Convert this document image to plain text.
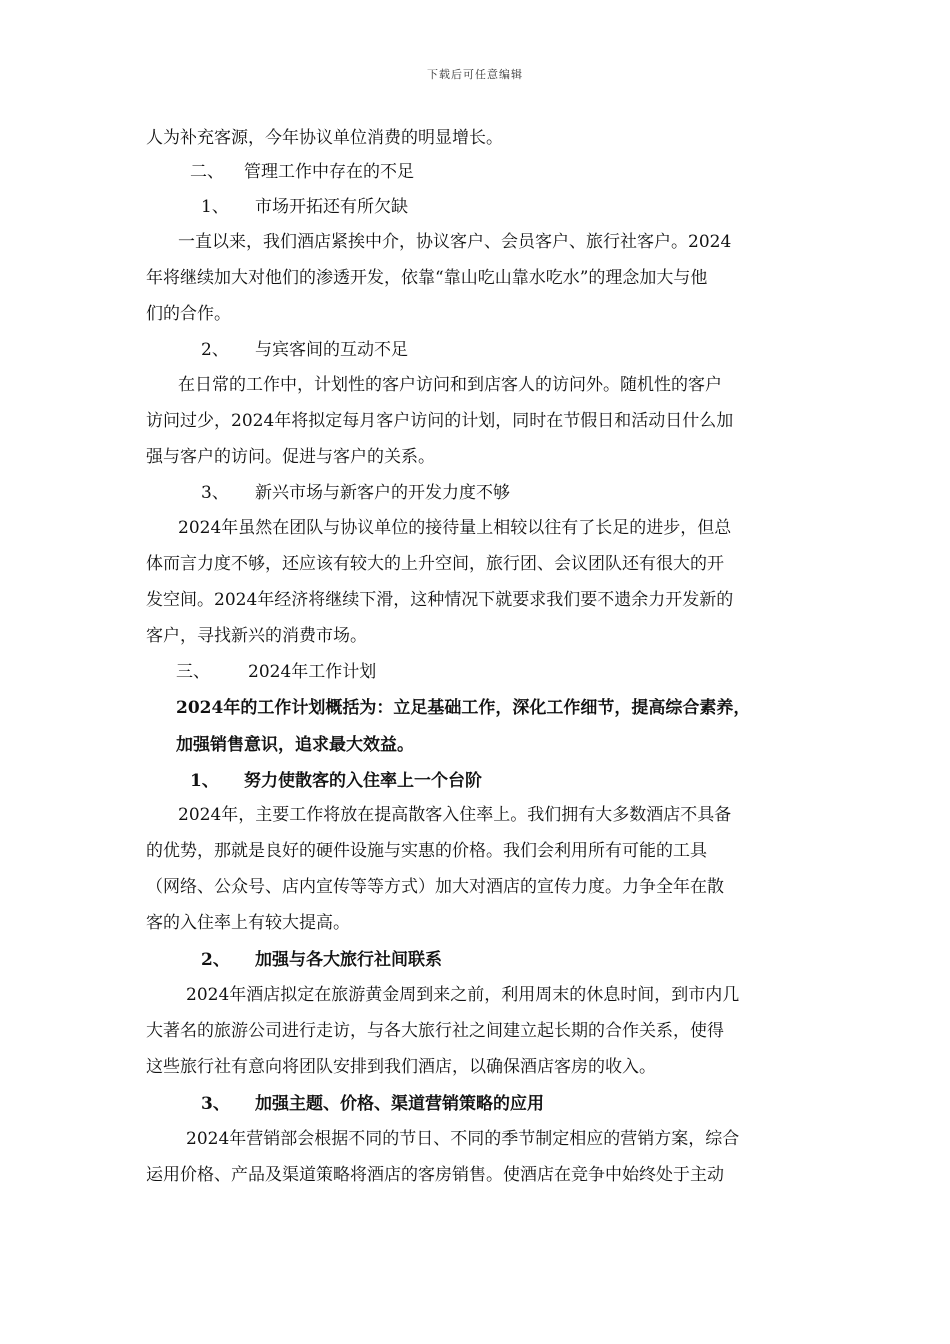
下载后可任意编辑
人为补充客源，今年协议单位消费的明显增长。
二、 管理工作中存在的不足
1、 市场开拓还有所欠缺
一直以来，我们酒店紧挨中介，协议客户、会员客户、旅行社客户。2024
年将继续加大对他们的渗透开发，依靠“靠山吃山靠水吃水”的理念加大与他
们的合作。
2、 与宾客间的互动不足
在日常的工作中，计划性的客户访问和到店客人的访问外。随机性的客户
访问过少，2024年将拟定每月客户访问的计划，同时在节假日和活动日什么加
强与客户的访问。促进与客户的关系。
3、 新兴市场与新客户的开发力度不够
2024年虽然在团队与协议单位的接待量上相较以往有了长足的进步，但总
体而言力度不够，还应该有较大的上升空间，旅行团、会议团队还有很大的开
发空间。2024年经济将继续下滑，这种情况下就要求我们要不遗余力开发新的
客户，寻找新兴的消费市场。
三、 2024年工作计划
2024年的工作计划概括为：立足基础工作，深化工作细节，提高综合素养，
加强销售意识，追求最大效益。
1、 努力使散客的入住率上一个台阶
2024年，主要工作将放在提高散客入住率上。我们拥有大多数酒店不具备
的优势，那就是良好的硬件设施与实惠的价格。我们会利用所有可能的工具
（网络、公众号、店内宣传等等方式）加大对酒店的宣传力度。力争全年在散
客的入住率上有较大提高。
2、 加强与各大旅行社间联系
2024年酒店拟定在旅游黄金周到来之前，利用周末的休息时间，到市内几
大著名的旅游公司进行走访，与各大旅行社之间建立起长期的合作关系，使得
这些旅行社有意向将团队安排到我们酒店，以确保酒店客房的收入。
3、 加强主题、价格、渠道营销策略的应用
2024年营销部会根据不同的节日、不同的季节制定相应的营销方案，综合
运用价格、产品及渠道策略将酒店的客房销售。使酒店在竞争中始终处于主动
